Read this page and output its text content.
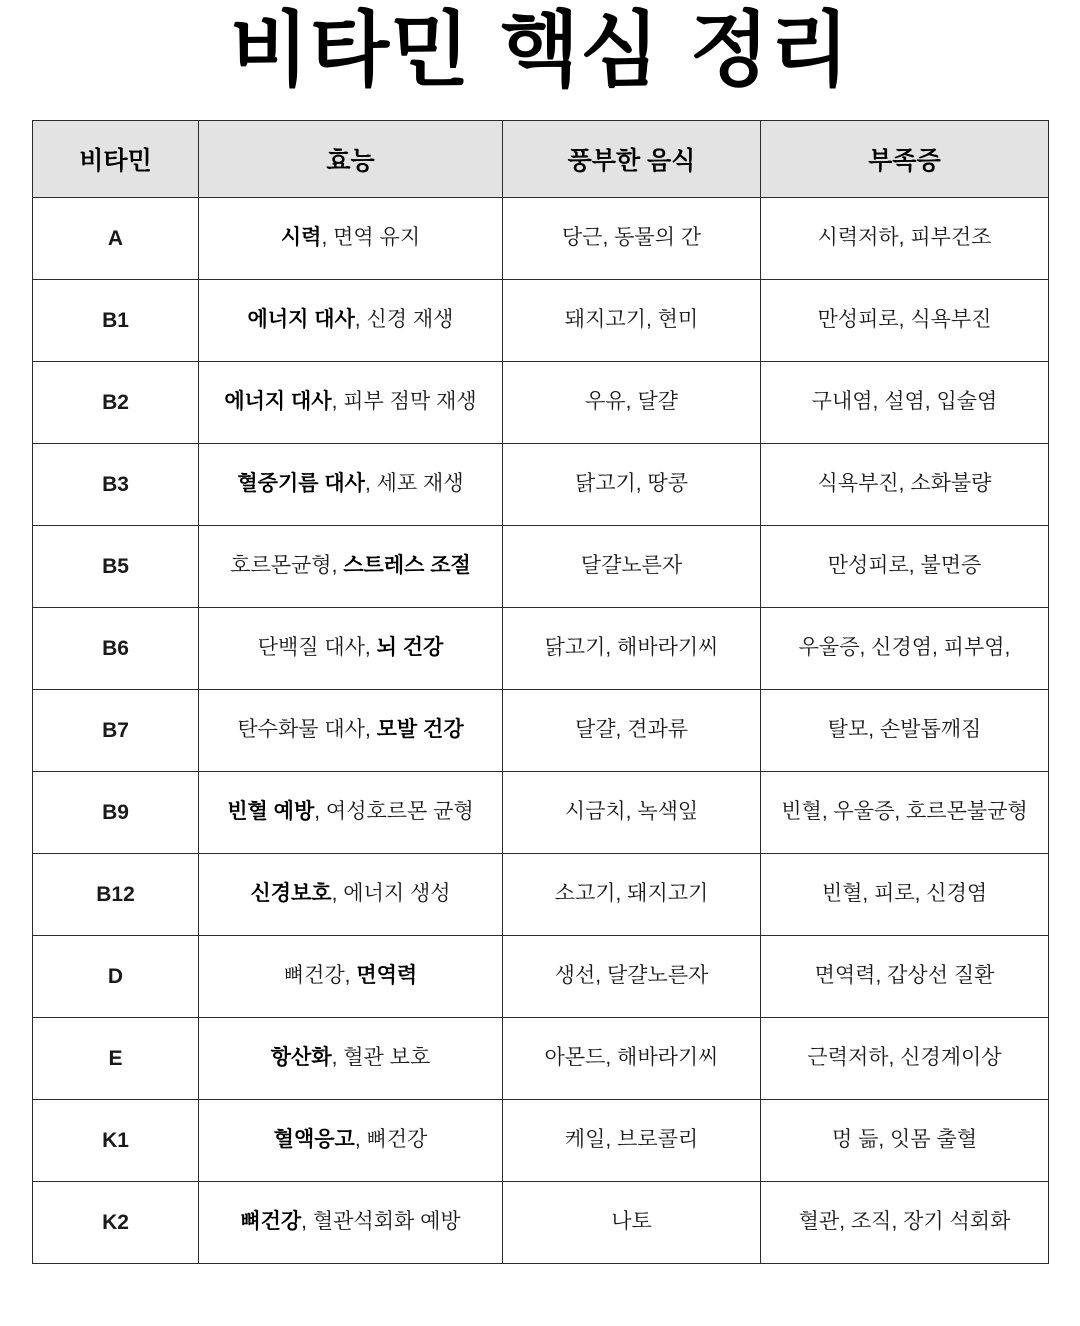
비타민 핵심 정리
비타민	효능	풍부한 음식	부족증
A	시력, 면역 유지	당근, 동물의 간	시력저하, 피부건조
B1	에너지 대사, 신경 재생	돼지고기, 현미	만성피로, 식욕부진
B2	에너지 대사, 피부 점막 재생	우유, 달걀	구내염, 설염, 입술염
B3	혈중기름 대사, 세포 재생	닭고기, 땅콩	식욕부진, 소화불량
B5	호르몬균형, 스트레스 조절	달걀노른자	만성피로, 불면증
B6	단백질 대사, 뇌 건강	닭고기, 해바라기씨	우울증, 신경염, 피부염,
B7	탄수화물 대사, 모발 건강	달걀, 견과류	탈모, 손발톱깨짐
B9	빈혈 예방, 여성호르몬 균형	시금치, 녹색잎	빈혈, 우울증, 호르몬불균형
B12	신경보호, 에너지 생성	소고기, 돼지고기	빈혈, 피로, 신경염
D	뼈건강, 면역력	생선, 달걀노른자	면역력, 갑상선 질환
E	항산화, 혈관 보호	아몬드, 해바라기씨	근력저하, 신경계이상
K1	혈액응고, 뼈건강	케일, 브로콜리	멍 듦, 잇몸 출혈
K2	뼈건강, 혈관석회화 예방	나토	혈관, 조직, 장기 석회화
